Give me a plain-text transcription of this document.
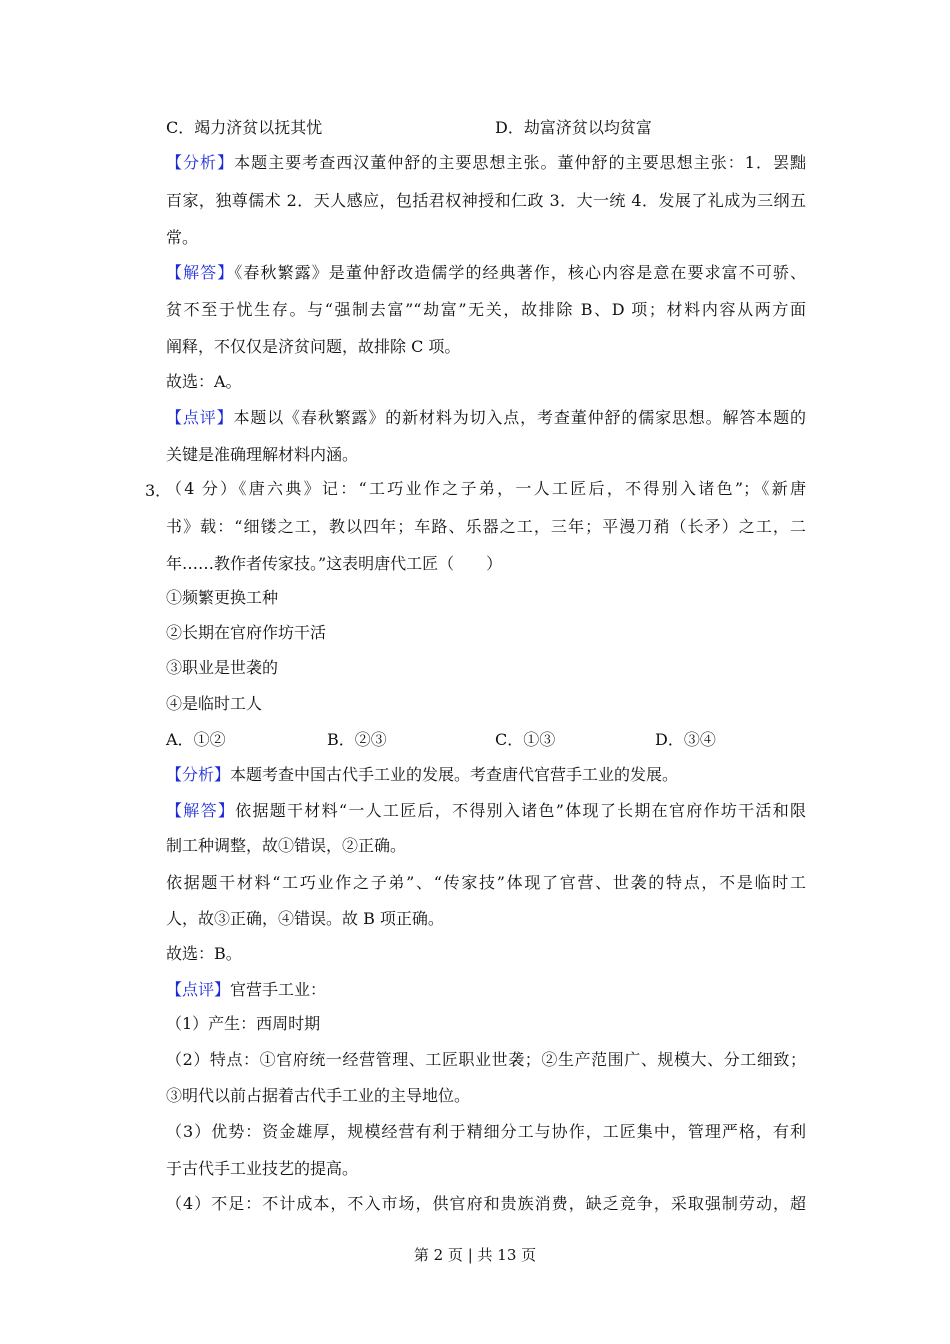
C．竭力济贫以抚其忧	D．劫富济贫以均贫富
【分析】本题主要考查西汉董仲舒的主要思想主张。董仲舒的主要思想主张：1．罢黜
百家，独尊儒术 2．天人感应，包括君权神授和仁政 3．大一统 4．发展了礼成为三纲五
常。
【解答】《春秋繁露》是董仲舒改造儒学的经典著作，核心内容是意在要求富不可骄、
贫不至于忧生存。与“强制去富”“劫富”无关，故排除 B、D 项；材料内容从两方面
阐释，不仅仅是济贫问题，故排除 C 项。
故选：A。
【点评】本题以《春秋繁露》的新材料为切入点，考查董仲舒的儒家思想。解答本题的
关键是准确理解材料内涵。
3．
（4 分）《唐六典》记：“工巧业作之子弟，一人工匠后，不得别入诸色”；《新唐
书》载：“细镂之工，教以四年；车路、乐器之工，三年；平漫刀矟（长矛）之工，二
年……教作者传家技。”这表明唐代工匠（　　）
①频繁更换工种
②长期在官府作坊干活
③职业是世袭的
④是临时工人
A．①②	B．②③	C．①③	D．③④
【分析】本题考查中国古代手工业的发展。考查唐代官营手工业的发展。
【解答】依据题干材料“一人工匠后，不得别入诸色”体现了长期在官府作坊干活和限
制工种调整，故①错误，②正确。
依据题干材料“工巧业作之子弟”、“传家技”体现了官营、世袭的特点，不是临时工
人，故③正确，④错误。故 B 项正确。
故选：B。
【点评】官营手工业：
（1）产生：西周时期
（2）特点：①官府统一经营管理、工匠职业世袭；②生产范围广、规模大、分工细致；
③明代以前占据着古代手工业的主导地位。
（3）优势：资金雄厚，规模经营有利于精细分工与协作，工匠集中，管理严格，有利
于古代手工业技艺的提高。
（4）不足：不计成本，不入市场，供官府和贵族消费，缺乏竞争，采取强制劳动，超
第 2 页 | 共 13 页
